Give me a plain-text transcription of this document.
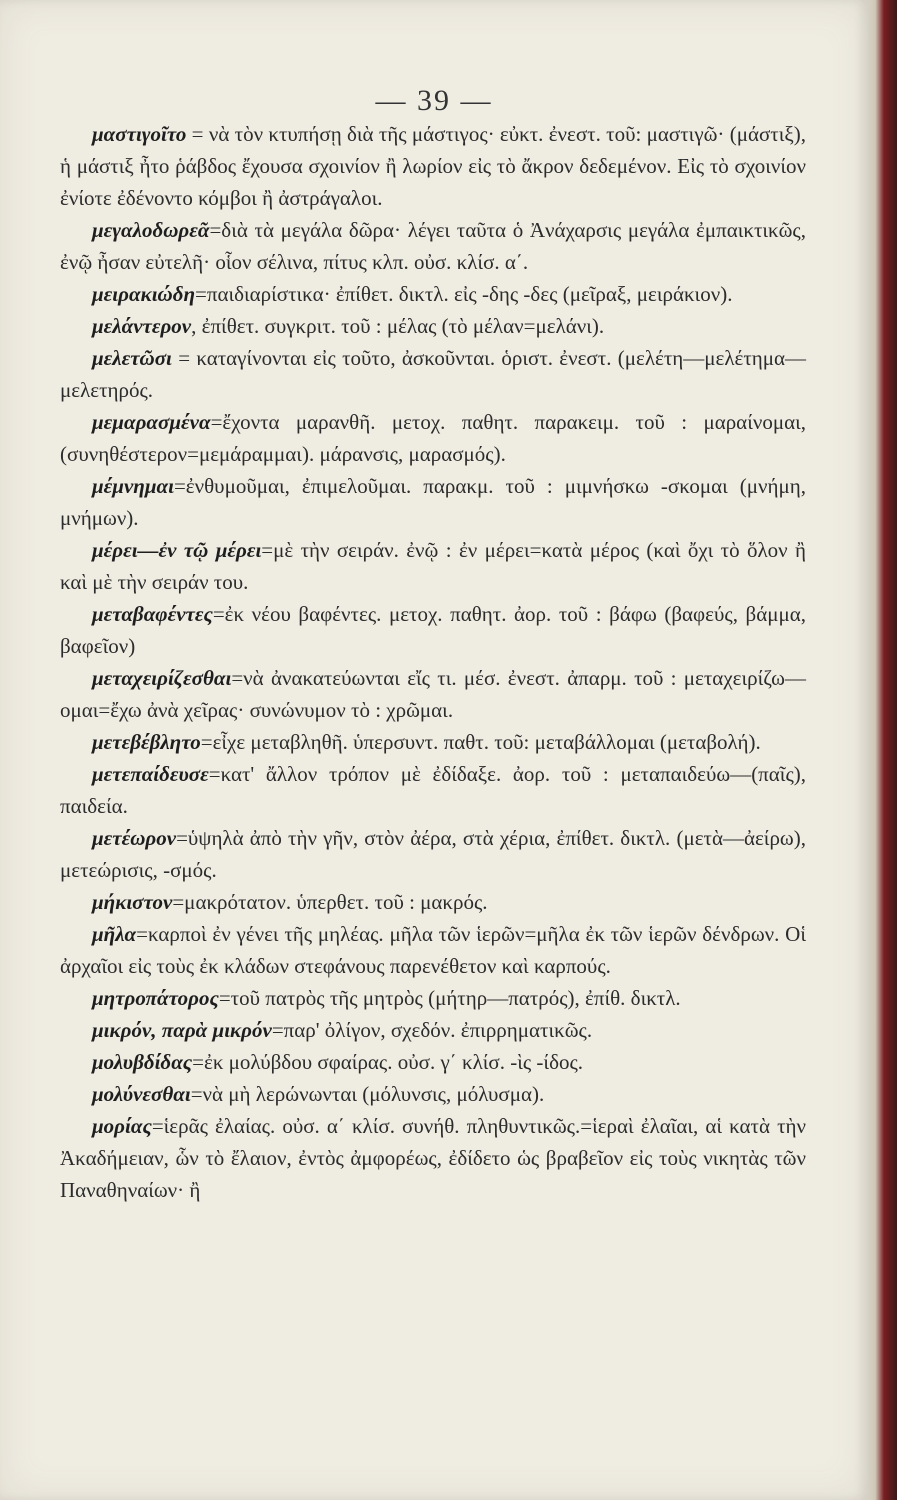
— 39 —

μαστιγοῖτο = νὰ τὸν κτυπήσῃ διὰ τῆς μάστιγος· εὐκτ. ἐνεστ. τοῦ: μαστιγῶ· (μάστιξ), ἡ μάστιξ ἦτο ῥάβδος ἔχουσα σχοινίον ἢ λωρίον εἰς τὸ ἄκρον δεδεμένον. Εἰς τὸ σχοινίον ἐνίοτε ἐδένοντο κόμβοι ἢ ἀστράγαλοι.

μεγαλοδωρεᾶ=διὰ τὰ μεγάλα δῶρα· λέγει ταῦτα ὁ Ἀνάχαρσις μεγάλα ἐμπαικτικῶς, ἐνῷ ἦσαν εὐτελῆ· οἷον σέλινα, πίτυς κλπ. οὐσ. κλίσ. α΄.

μειρακιώδη=παιδιαρίστικα· ἐπίθετ. δικτλ. εἰς -δης -δες (μεῖραξ, μειράκιον).

μελάντερον, ἐπίθετ. συγκριτ. τοῦ : μέλας (τὸ μέλαν=μελάνι).

μελετῶσι = καταγίνονται εἰς τοῦτο, ἀσκοῦνται. ὁριστ. ἐνεστ. (μελέτη—μελέτημα—μελετηρός.

μεμαρασμένα=ἔχοντα μαρανθῆ. μετοχ. παθητ. παρακειμ. τοῦ : μαραίνομαι, (συνηθέστερον=μεμάραμμαι). μάρανσις, μαρασμός).

μέμνημαι=ἐνθυμοῦμαι, ἐπιμελοῦμαι. παρακμ. τοῦ : μιμνήσκω -σκομαι (μνήμη, μνήμων).

μέρει—ἐν τῷ μέρει=μὲ τὴν σειράν. ἐνῷ : ἐν μέρει=κατὰ μέρος (καὶ ὄχι τὸ ὅλον ἢ καὶ μὲ τὴν σειράν του.

μεταβαφέντες=ἐκ νέου βαφέντες. μετοχ. παθητ. ἀορ. τοῦ : βάφω (βαφεύς, βάμμα, βαφεῖον)

μεταχειρίζεσθαι=νὰ ἀνακατεύωνται εἴς τι. μέσ. ἐνεστ. ἀπαρμ. τοῦ : μεταχειρίζω—ομαι=ἔχω ἀνὰ χεῖρας· συνώνυμον τὸ : χρῶμαι.

μετεβέβλητο=εἶχε μεταβληθῆ. ὑπερσυντ. παθτ. τοῦ: μεταβάλλομαι (μεταβολή).

μετεπαίδευσε=κατ' ἄλλον τρόπον μὲ ἐδίδαξε. ἀορ. τοῦ : μεταπαιδεύω—(παῖς), παιδεία.

μετέωρον=ὑψηλὰ ἀπὸ τὴν γῆν, στὸν ἀέρα, στὰ χέρια, ἐπίθετ. δικτλ. (μετὰ—ἀείρω), μετεώρισις, -σμός.

μήκιστον=μακρότατον. ὑπερθετ. τοῦ : μακρός.

μῆλα=καρποὶ ἐν γένει τῆς μηλέας. μῆλα τῶν ἱερῶν=μῆλα ἐκ τῶν ἱερῶν δένδρων. Οἱ ἀρχαῖοι εἰς τοὺς ἐκ κλάδων στεφάνους παρενέθετον καὶ καρπούς.

μητροπάτορος=τοῦ πατρὸς τῆς μητρὸς (μήτηρ—πατρός), ἐπίθ. δικτλ.

μικρόν, παρὰ μικρόν=παρ' ὀλίγον, σχεδόν. ἐπιρρηματικῶς.

μολυβδίδας=ἐκ μολύβδου σφαίρας. οὐσ. γ΄ κλίσ. -ὶς -ίδος.

μολύνεσθαι=νὰ μὴ λερώνωνται (μόλυνσις, μόλυσμα).

μορίας=ἱερᾶς ἐλαίας. οὐσ. α΄ κλίσ. συνήθ. πληθυντικῶς.=ἱεραὶ ἐλαῖαι, αἱ κατὰ τὴν Ἀκαδήμειαν, ὧν τὸ ἔλαιον, ἐντὸς ἀμφορέως, ἐδίδετο ὡς βραβεῖον εἰς τοὺς νικητὰς τῶν Παναθηναίων· ἢ
